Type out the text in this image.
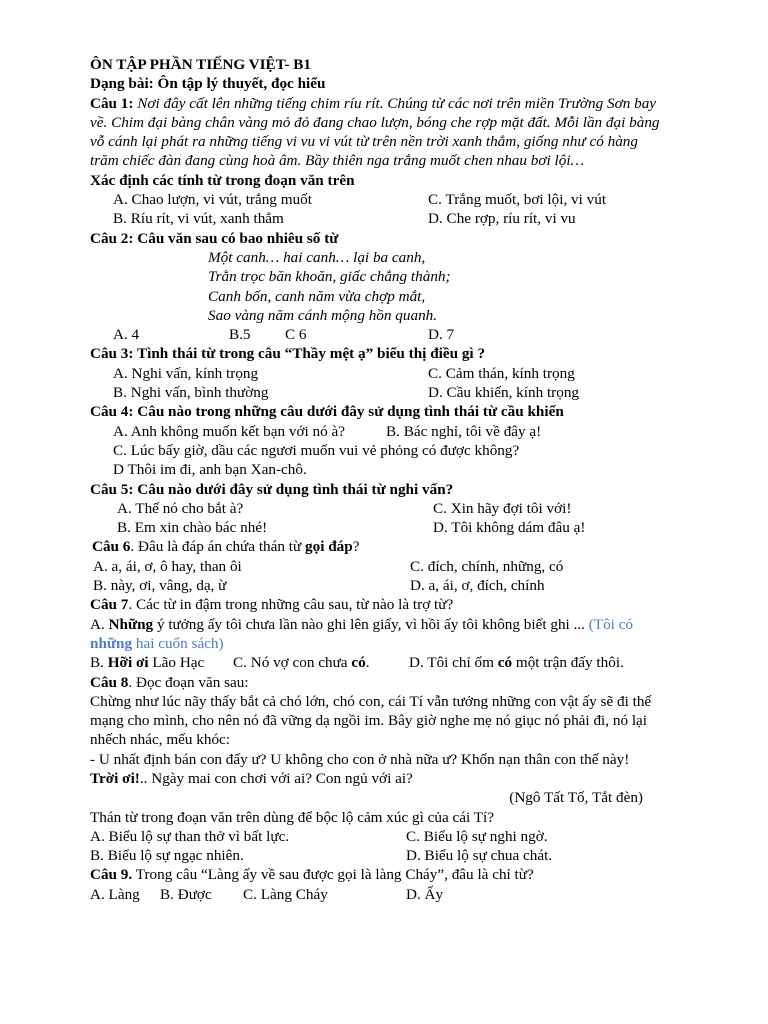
ÔN TẬP PHẦN TIẾNG VIỆT- B1
Dạng bài: Ôn tập lý thuyết, đọc hiểu
Câu 1: Nơi đây cất lên những tiếng chim ríu rít. Chúng từ các nơi trên miền Trường Sơn bay về. Chim đại bàng chân vàng mỏ đỏ đang chao lượn, bóng che rợp mặt đất. Mỗi lần đại bàng vỗ cánh lại phát ra những tiếng vi vu vi vút từ trên nền trời xanh thẳm, giống như có hàng trăm chiếc đàn đang cùng hoà âm. Bầy thiên nga trắng muốt chen nhau bơi lội…
Xác định các tính từ trong đoạn văn trên
A. Chao lượn, vi vút, trắng muốt	C. Trắng muốt, bơi lội, vi vút
B. Ríu rít, vi vút, xanh thẳm	D. Che rợp, ríu rít, vi vu
Câu 2: Câu văn sau có bao nhiêu số từ
Một canh… hai canh… lại ba canh,
Trằn trọc băn khoăn, giấc chẳng thành;
Canh bốn, canh năm vừa chợp mắt,
Sao vàng năm cánh mộng hồn quanh.
A. 4	B.5 C 6	D. 7
Câu 3: Tình thái từ trong câu “Thầy mệt ạ” biểu thị điều gì ?
A. Nghi vấn, kính trọng	C. Cảm thán, kính trọng
B. Nghi vấn, bình thường	D. Cầu khiến, kính trọng
Câu 4: Câu nào trong những câu dưới đây sử dụng tình thái từ cầu khiến
A. Anh không muốn kết bạn với nó à?	B. Bác nghỉ, tôi về đây ạ!
C. Lúc bấy giờ, dầu các ngươi muốn vui vẻ phỏng có được không?
D Thôi im đi, anh bạn Xan-chô.
Câu 5: Câu nào dưới đây sử dụng tình thái từ nghi vấn?
A. Thế nó cho bắt à?	C. Xin hãy đợi tôi với!
B. Em xin chào bác nhé!	D. Tôi không dám đâu ạ!
Câu 6. Đâu là đáp án chứa thán từ gọi đáp?
A. a, ái, ơ, ô hay, than ôi	C. đích, chính, những, có
B. này, ơi, vâng, dạ, ừ	D. a, ái, ơ, đích, chính
Câu 7. Các từ in đậm trong những câu sau, từ nào là trợ từ?
A. Những ý tưởng ấy tôi chưa lần nào ghi lên giấy, vì hồi ấy tôi không biết ghi ... (Tôi có những hai cuốn sách)
B. Hỡi ơi Lão Hạc C. Nó vợ con chưa có.	D. Tôi chỉ ốm có một trận đấy thôi.
Câu 8. Đọc đoạn văn sau:
Chừng như lúc nãy thấy bắt cả chó lớn, chó con, cái Tí vẫn tưởng những con vật ấy sẽ đi thế mạng cho mình, cho nên nó đã vững dạ ngồi im. Bây giờ nghe mẹ nó giục nó phải đi, nó lại nhếch nhác, mếu khóc:
- U nhất định bán con đấy ư? U không cho con ở nhà nữa ư? Khốn nạn thân con thế này! Trời ơi!.. Ngày mai con chơi với ai? Con ngủ với ai?
(Ngô Tất Tố, Tắt đèn)
Thán từ trong đoạn văn trên dùng để bộc lộ cảm xúc gì của cái Tí?
A. Biểu lộ sự than thở vì bất lực.	C. Biểu lộ sự nghi ngờ.
B. Biểu lộ sự ngạc nhiên.	D. Biểu lộ sự chua chát.
Câu 9. Trong câu “Làng ấy về sau được gọi là làng Cháy”, đâu là chỉ từ?
A. Làng B. Được C. Làng Cháy	D. Ấy
